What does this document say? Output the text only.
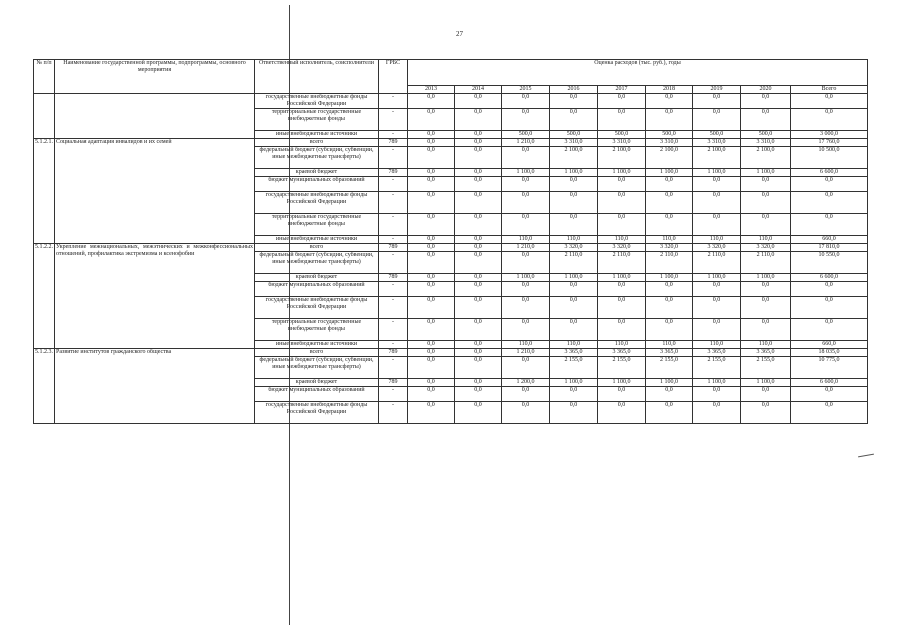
27
№ п/п	Наименование государственной программы, подпрограммы, основного мероприятия	Ответственный исполнитель, соисполнители	ГРБС	Оценка расходов (тыс. руб.), годы								
				2013	2014	2015	2016	2017	2018	2019	2020	Всего
		государственные внебюджетные фонды Российской Федерации	-	0,0	0,0	0,0	0,0	0,0	0,0	0,0	0,0	0,0
		территориальные государственные внебюджетные фонды	-	0,0	0,0	0,0	0,0	0,0	0,0	0,0	0,0	0,0
		иные внебюджетные источники	-	0,0	0,0	500,0	500,0	500,0	500,0	500,0	500,0	3 000,0
5.1.2.1.	Социальная адаптация инвалидов и их семей	всего	789	0,0	0,0	1 210,0	3 310,0	3 310,0	3 310,0	3 310,0	3 310,0	17 760,0
		федеральный бюджет (субсидии, субвенции, иные межбюджетные трансферты)	-	0,0	0,0	0,0	2 100,0	2 100,0	2 100,0	2 100,0	2 100,0	10 500,0
		краевой бюджет	789	0,0	0,0	1 100,0	1 100,0	1 100,0	1 100,0	1 100,0	1 100,0	6 600,0
		бюджет муниципальных образований	-	0,0	0,0	0,0	0,0	0,0	0,0	0,0	0,0	0,0
		государственные внебюджетные фонды Российской Федерации	-	0,0	0,0	0,0	0,0	0,0	0,0	0,0	0,0	0,0
		территориальные государственные внебюджетные фонды	-	0,0	0,0	0,0	0,0	0,0	0,0	0,0	0,0	0,0
		иные внебюджетные источники	-	0,0	0,0	110,0	110,0	110,0	110,0	110,0	110,0	660,0
5.1.2.2.	Укрепление межнациональных, межэтнических и межконфессиональных отношений, профилактика экстремизма и ксенофобии	всего	789	0,0	0,0	1 210,0	3 320,0	3 320,0	3 320,0	3 320,0	3 320,0	17 810,0
		федеральный бюджет (субсидии, субвенции, иные межбюджетные трансферты)	-	0,0	0,0	0,0	2 110,0	2 110,0	2 110,0	2 110,0	2 110,0	10 550,0
		краевой бюджет	789	0,0	0,0	1 100,0	1 100,0	1 100,0	1 100,0	1 100,0	1 100,0	6 600,0
		бюджет муниципальных образований	-	0,0	0,0	0,0	0,0	0,0	0,0	0,0	0,0	0,0
		государственные внебюджетные фонды Российской Федерации	-	0,0	0,0	0,0	0,0	0,0	0,0	0,0	0,0	0,0
		территориальные государственные внебюджетные фонды	-	0,0	0,0	0,0	0,0	0,0	0,0	0,0	0,0	0,0
		иные внебюджетные источники	-	0,0	0,0	110,0	110,0	110,0	110,0	110,0	110,0	660,0
5.1.2.3.	Развитие институтов гражданского общества	всего	789	0,0	0,0	1 210,0	3 365,0	3 365,0	3 365,0	3 365,0	3 365,0	18 035,0
		федеральный бюджет (субсидии, субвенции, иные межбюджетные трансферты)	-	0,0	0,0	0,0	2 155,0	2 155,0	2 155,0	2 155,0	2 155,0	10 775,0
		краевой бюджет	789	0,0	0,0	1 200,0	1 100,0	1 100,0	1 100,0	1 100,0	1 100,0	6 600,0
		бюджет муниципальных образований	-	0,0	0,0	0,0	0,0	0,0	0,0	0,0	0,0	0,0
		государственные внебюджетные фонды Российской Федерации	-	0,0	0,0	0,0	0,0	0,0	0,0	0,0	0,0	0,0
